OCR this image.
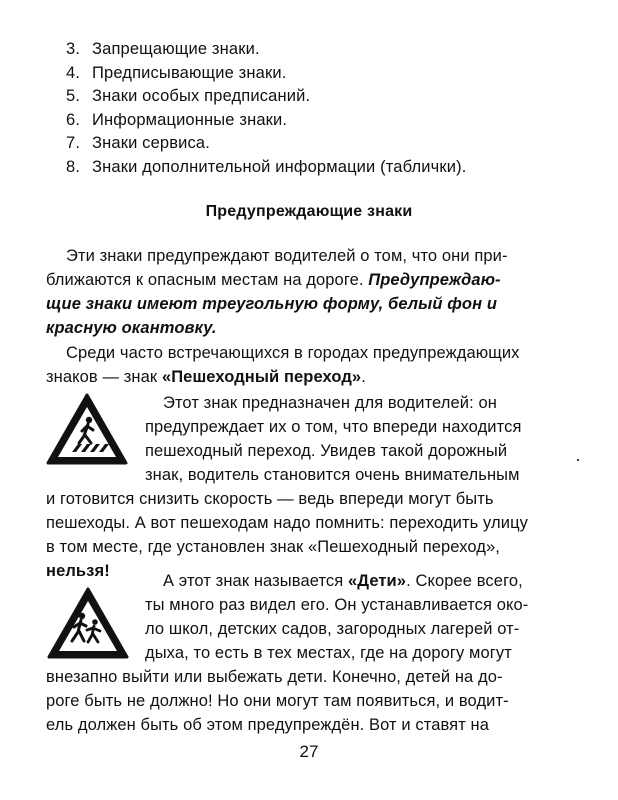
3. Запрещающие знаки.
4. Предписывающие знаки.
5. Знаки особых предписаний.
6. Информационные знаки.
7. Знаки сервиса.
8. Знаки дополнительной информации (таблички).
Предупреждающие знаки
Эти знаки предупреждают водителей о том, что они при-
ближаются к опасным местам на дороге. Предупреждаю-
щие знаки имеют треугольную форму, белый фон и
красную окантовку.
Среди часто встречающихся в городах предупреждающих
знаков — знак «Пешеходный переход».
Этот знак предназначен для водителей: он
предупреждает их о том, что впереди находится
пешеходный переход. Увидев такой дорожный
знак, водитель становится очень внимательным
и готовится снизить скорость — ведь впереди могут быть
пешеходы. А вот пешеходам надо помнить: переходить улицу
в том месте, где установлен знак «Пешеходный переход»,
нельзя!
А этот знак называется «Дети». Скорее всего,
ты много раз видел его. Он устанавливается око-
ло школ, детских садов, загородных лагерей от-
дыха, то есть в тех местах, где на дорогу могут
внезапно выйти или выбежать дети. Конечно, детей на до-
роге быть не должно! Но они могут там появиться, и водит-
ель должен быть об этом предупреждён. Вот и ставят на
27
